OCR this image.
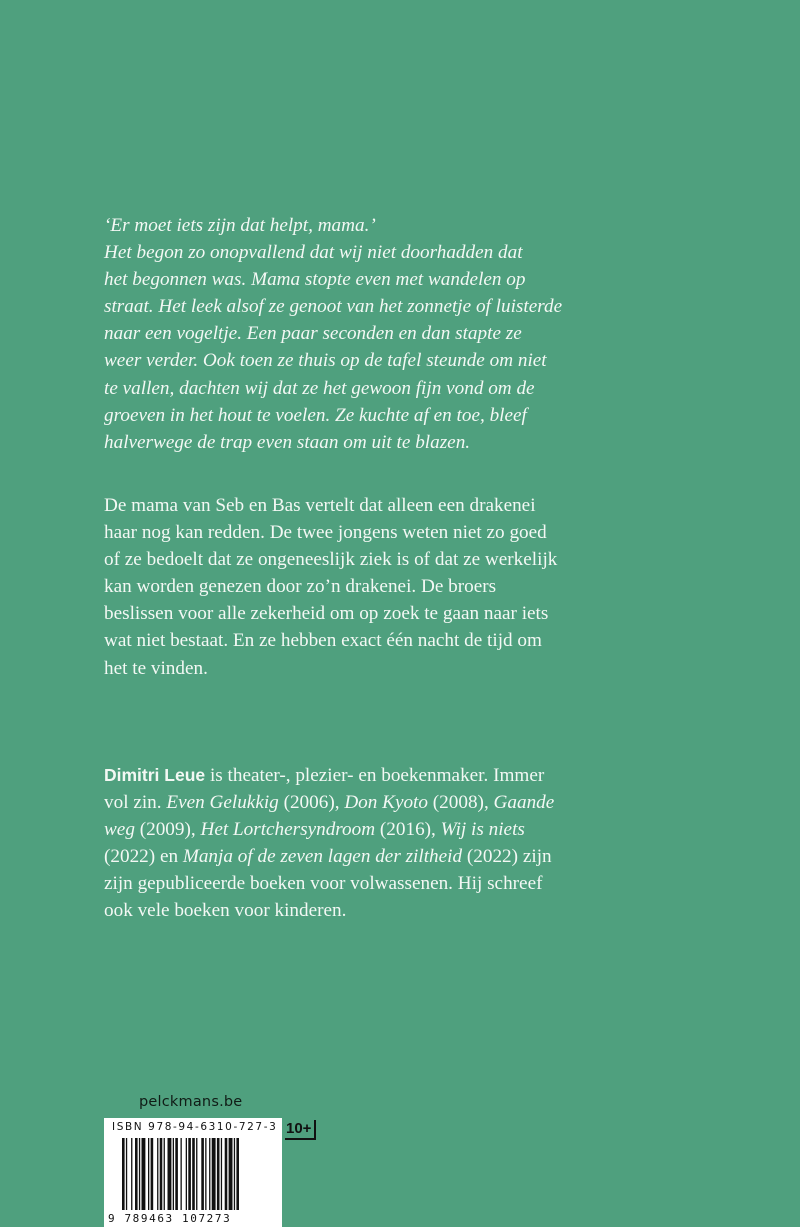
‘Er moet iets zijn dat helpt, mama.’
Het begon zo onopvallend dat wij niet doorhadden dat
het begonnen was. Mama stopte even met wandelen op
straat. Het leek alsof ze genoot van het zonnetje of luisterde
naar een vogeltje. Een paar seconden en dan stapte ze
weer verder. Ook toen ze thuis op de tafel steunde om niet
te vallen, dachten wij dat ze het gewoon fijn vond om de
groeven in het hout te voelen. Ze kuchte af en toe, bleef
halverwege de trap even staan om uit te blazen.

De mama van Seb en Bas vertelt dat alleen een drakenei
haar nog kan redden. De twee jongens weten niet zo goed
of ze bedoelt dat ze ongeneeslijk ziek is of dat ze werkelijk
kan worden genezen door zo’n drakenei. De broers
beslissen voor alle zekerheid om op zoek te gaan naar iets
wat niet bestaat. En ze hebben exact één nacht de tijd om
het te vinden.

Dimitri Leue is theater-, plezier- en boekenmaker. Immer
vol zin. Even Gelukkig (2006), Don Kyoto (2008), Gaande
weg (2009), Het Lortchersyndroom (2016), Wij is niets
(2022) en Manja of de zeven lagen der ziltheid (2022) zijn
zijn gepubliceerde boeken voor volwassenen. Hij schreef
ook vele boeken voor kinderen.

pelckmans.be
ISBN 978-94-6310-727-3
9 789463 107273
10+
